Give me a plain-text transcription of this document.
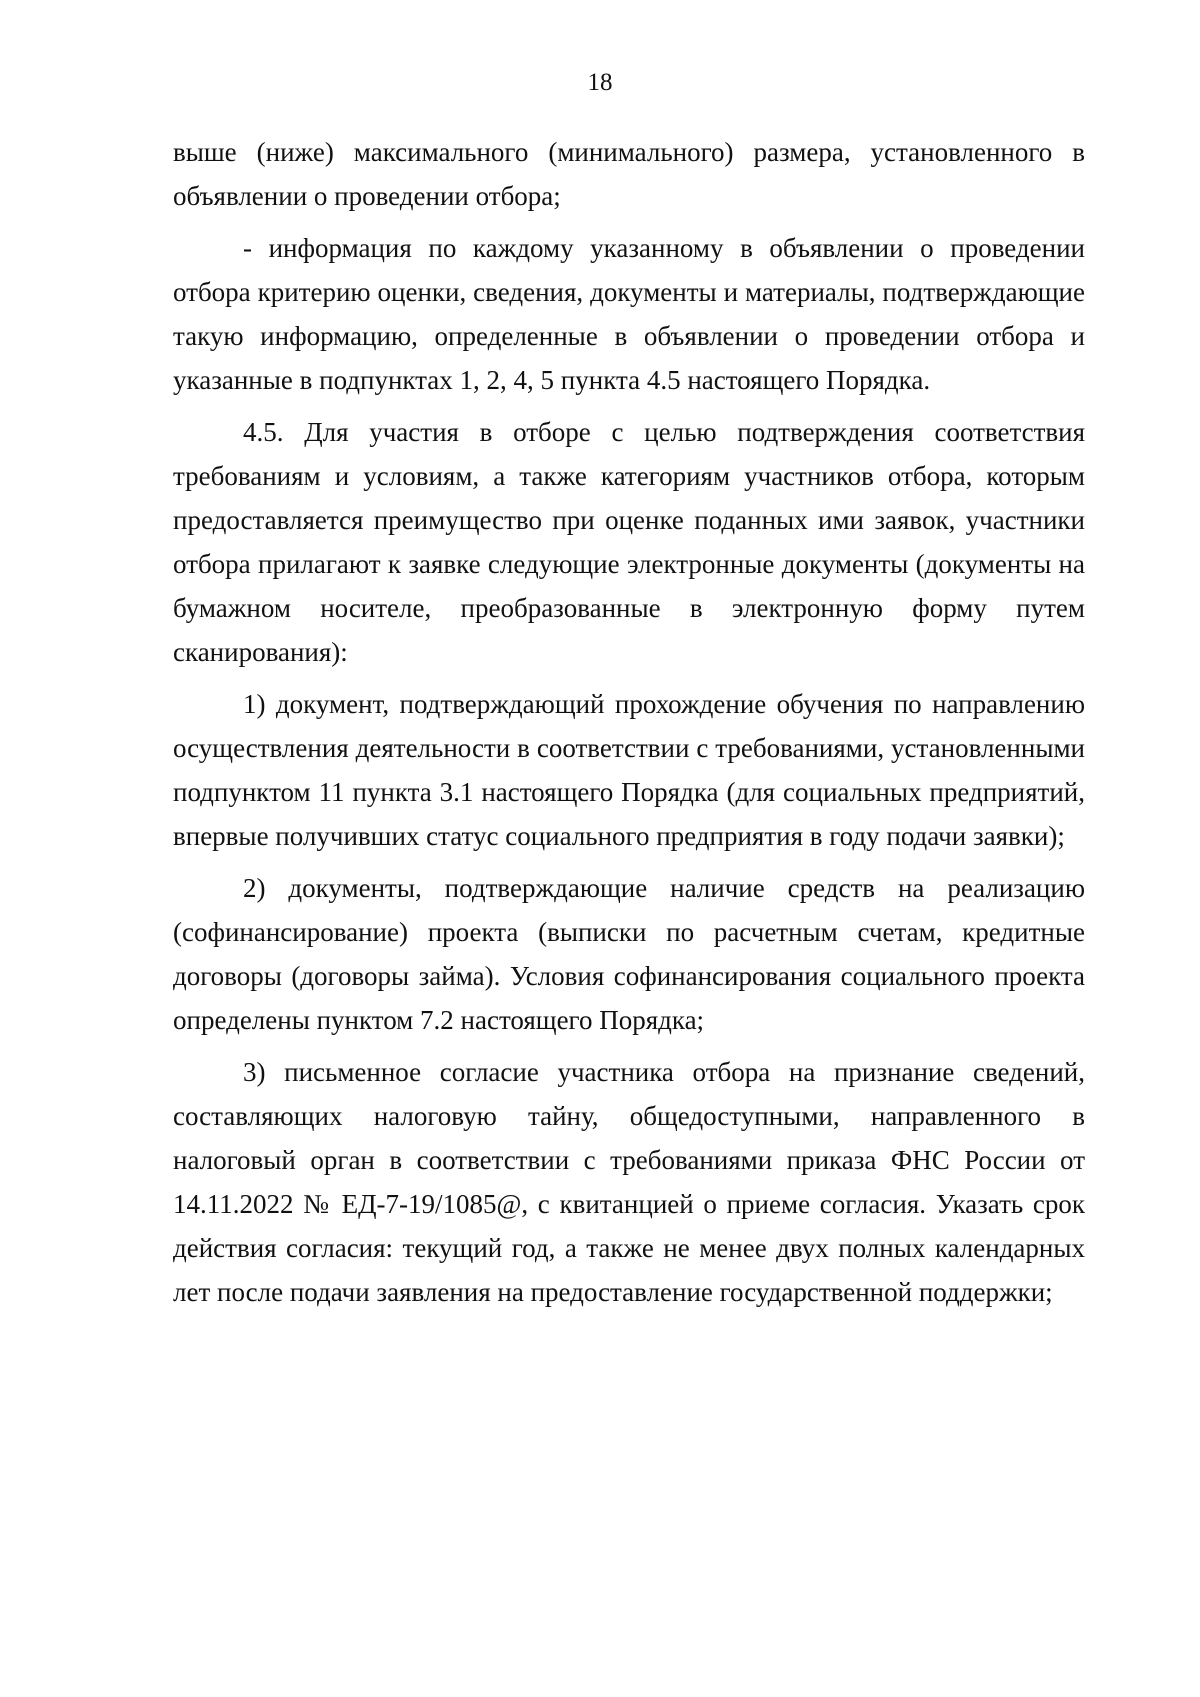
18

выше (ниже) максимального (минимального) размера, установленного в объявлении о проведении отбора;

- информация по каждому указанному в объявлении о проведении отбора критерию оценки, сведения, документы и материалы, подтверждающие такую информацию, определенные в объявлении о проведении отбора и указанные в подпунктах 1, 2, 4, 5 пункта 4.5 настоящего Порядка.

4.5. Для участия в отборе с целью подтверждения соответствия требованиям и условиям, а также категориям участников отбора, которым предоставляется преимущество при оценке поданных ими заявок, участники отбора прилагают к заявке следующие электронные документы (документы на бумажном носителе, преобразованные в электронную форму путем сканирования):

1) документ, подтверждающий прохождение обучения по направлению осуществления деятельности в соответствии с требованиями, установленными подпунктом 11 пункта 3.1 настоящего Порядка (для социальных предприятий, впервые получивших статус социального предприятия в году подачи заявки);

2) документы, подтверждающие наличие средств на реализацию (софинансирование) проекта (выписки по расчетным счетам, кредитные договоры (договоры займа). Условия софинансирования социального проекта определены пунктом 7.2 настоящего Порядка;

3) письменное согласие участника отбора на признание сведений, составляющих налоговую тайну, общедоступными, направленного в налоговый орган в соответствии с требованиями приказа ФНС России от 14.11.2022 № ЕД-7-19/1085@, с квитанцией о приеме согласия. Указать срок действия согласия: текущий год, а также не менее двух полных календарных лет после подачи заявления на предоставление государственной поддержки;
